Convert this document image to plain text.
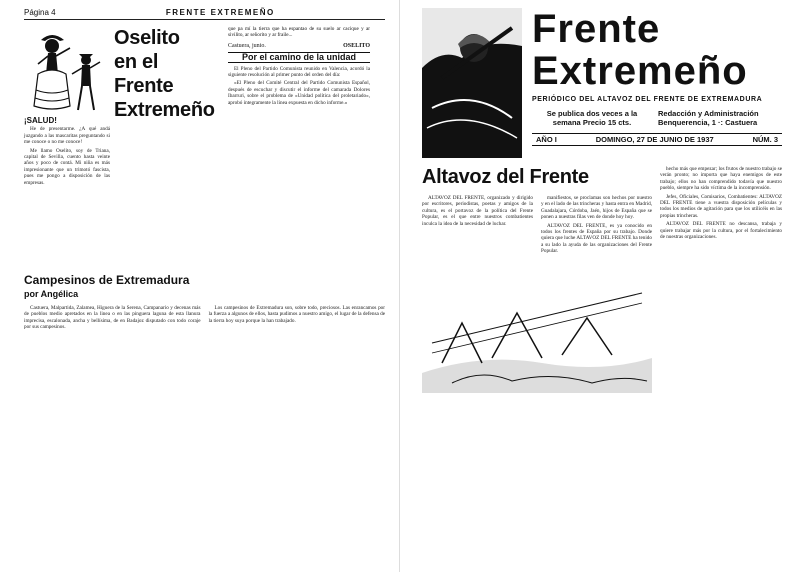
Página 4	FRENTE EXTREMEÑO
¡SALUD!

He de presentarme. ¿A qué andá juzgando a las mascaritas preguntando si me conoce o no me conoce!

Me llamo Oselito, soy de Triana, capital de Sevilla, cuento hasta veinte años y poco de contá. Mi niña es más impresionante que un trimotó fascista, pues me pongo a disposición de las empresas.

Oselito
en el
Frente
Extremeño

que pa mí la tierra que ha espantao de su suelo ar cacique y ar sivilito, ar señorito y ar fraile...

Castuera, junio.	OSELITO
Por el camino de la unidad

El Pleno del Partido Comunista reunido en Valencia, acordó la siguiente resolución al primer punto del orden del día:

«El Pleno del Comité Central del Partido Comunista Español, después de escuchar y discutir el informe del camarada Dolores Ibarruri, sobre el problema de «Unidad política del proletariado», aprobó íntegramente la línea expuesta en dicho informe.»

Campesinos de Extremadura
por Angélica

Castuera, Malpartida, Zalamea, Higuera de la Serena, Campanario y decenas más de pueblos medio apretados en la linea o en las pinguera laguna de esta llanura imprecisa, escalonada, ancha y bellísima, de en Badajoz disputado con todo coraje por sus campesinos.

Los campesinos de Extremadura son, sobre todo, preciosos. Las enrancamos por la fuerza a algunos de ellos, hasta pudimos a nuestro amigo, el lugar de la defensa de la tierra hoy suya porque la han trabajado.

Frente Extremeño
PERIÓDICO DEL ALTAVOZ DEL FRENTE DE EXTREMADURA
Se publica dos veces a la semana Precio 15 cts.
Redacción y Administración Benquerencia, 1 ·: Castuera
AÑO I	DOMINGO, 27 DE JUNIO DE 1937	NÚM. 3
Altavoz del Frente

ALTAVOZ DEL FRENTE, organizado y dirigido por escritores, periodistas, poetas y amigos de la cultura, es el portavoz de la política del Frente Popular, es el que entre nuestros combatientes inculca la idea de la necesidad de luchar.

manifiestos, se proclamas son hechos por nuestro y en el lado de las trincheras y hasta entra en Madrid, Guadalajara, Córdoba, Jaén, hijos de España que se ponen a nuestras filas ven de donde hoy hoy.

ALTAVOZ DEL FRENTE, es ya conocido en todos los frentes de España por su trabajo. Donde quiera que luche ALTAVOZ DEL FRENTE ha tenido a su lado la ayuda de las organizaciones del Frente Popular.

hecho más que empezar; los frutos de nuestro trabajo se verán pronto; no importa que haya enemigos de este trabajo; ellos no han comprendido todavía que nuestro pueblo, siempre ha sido víctima de la incomprensión.

Jefes, Oficiales, Comisarios, Combatientes: ALTAVOZ DEL FRENTE tiene a vuestra disposición películas y todos los medios de agitación para que los utilicéis en las propias trincheras.

ALTAVOZ DEL FRENTE no descansa, trabaja y quiere trabajar más por la cultura, por el fortalecimiento de nuestras organizaciones.
